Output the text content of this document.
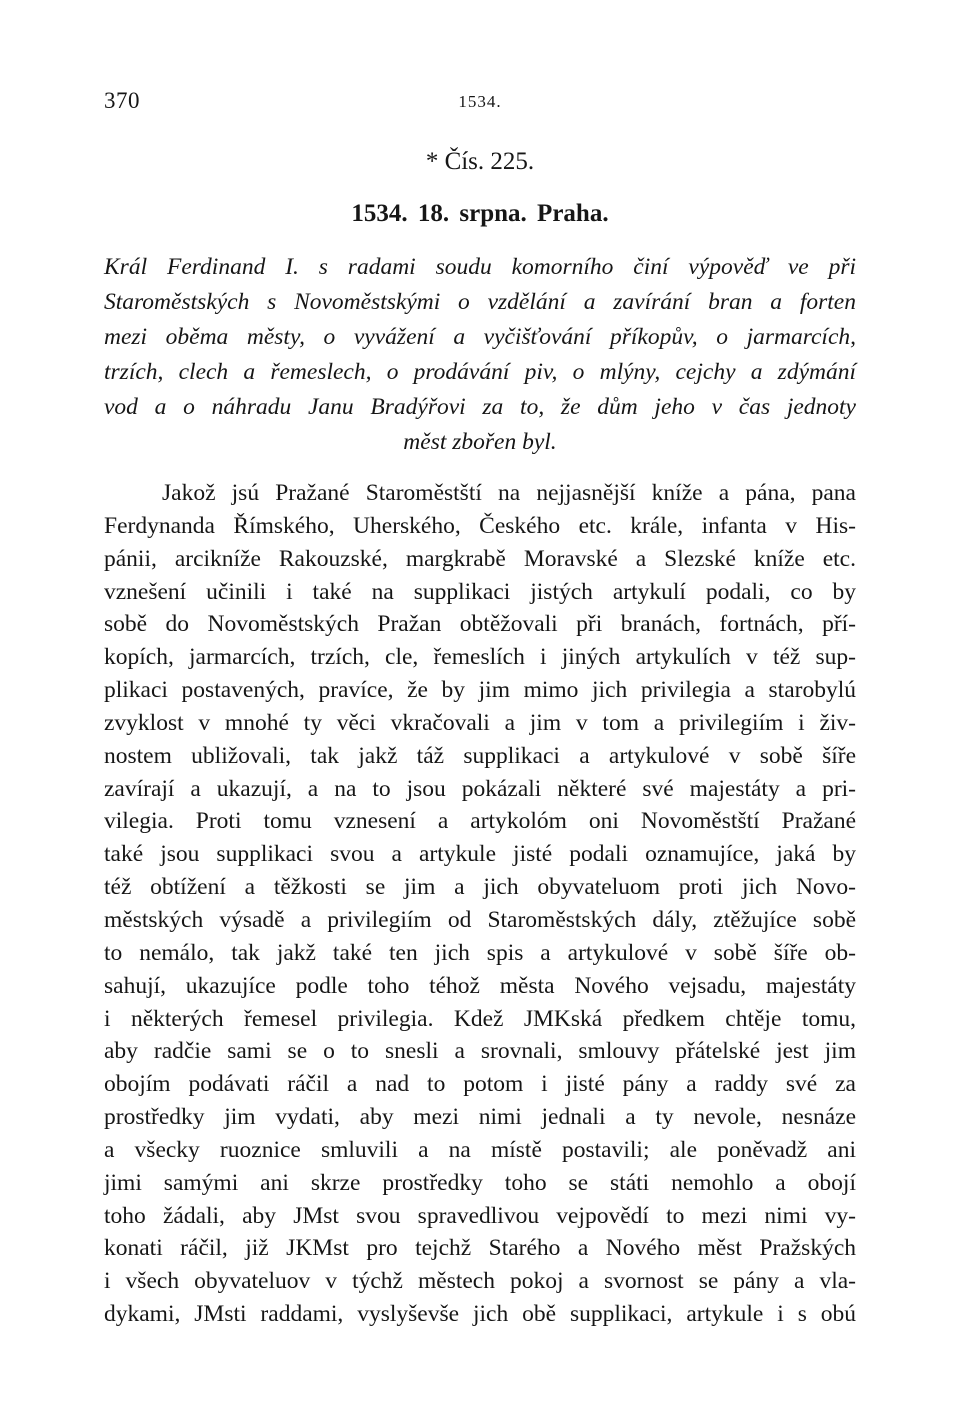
370	1534.
* Čís. 225.
1534. 18. srpna. Praha.
Král Ferdinand I. s radami soudu komorního činí výpověď ve při
Staroměstských s Novoměstskými o vzdělání a zavírání bran a forten
mezi oběma městy, o vyvážení a vyčišťování příkopův, o jarmarcích,
trzích, clech a řemeslech, o prodávání piv, o mlýny, cejchy a zdýmání
vod a o náhradu Janu Bradýřovi za to, že dům jeho v čas jednoty
měst zbořen byl.
Jakož jsú Pražané Staroměstští na nejjasnější kníže a pána, pana
Ferdynanda Římského, Uherského, Českého etc. krále, infanta v His-
pánii, arcikníže Rakouzské, margkrabě Moravské a Slezské kníže etc.
vznešení učinili i také na supplikaci jistých artykulí podali, co by
sobě do Novoměstských Pražan obtěžovali při branách, fortnách, pří-
kopích, jarmarcích, trzích, cle, řemeslích i jiných artykulích v též sup-
plikaci postavených, pravíce, že by jim mimo jich privilegia a starobylú
zvyklost v mnohé ty věci vkračovali a jim v tom a privilegiím i živ-
nostem ubližovali, tak jakž táž supplikaci a artykulové v sobě šíře
zavírají a ukazují, a na to jsou pokázali některé své majestáty a pri-
vilegia. Proti tomu vznesení a artykolóm oni Novoměstští Pražané
také jsou supplikaci svou a artykule jisté podali oznamujíce, jaká by
též obtížení a těžkosti se jim a jich obyvateluom proti jich Novo-
městských výsadě a privilegiím od Staroměstských dály, ztěžujíce sobě
to nemálo, tak jakž také ten jich spis a artykulové v sobě šíře ob-
sahují, ukazujíce podle toho téhož města Nového vejsadu, majestáty
i některých řemesel privilegia. Kdež JMKská předkem chtěje tomu,
aby radčie sami se o to snesli a srovnali, smlouvy přátelské jest jim
obojím podávati ráčil a nad to potom i jisté pány a raddy své za
prostředky jim vydati, aby mezi nimi jednali a ty nevole, nesnáze
a všecky ruoznice smluvili a na místě postavili; ale poněvadž ani
jimi samými ani skrze prostředky toho se státi nemohlo a obojí
toho žádali, aby JMst svou spravedlivou vejpovědí to mezi nimi vy-
konati ráčil, již JKMst pro tejchž Starého a Nového měst Pražských
i všech obyvateluov v týchž městech pokoj a svornost se pány a vla-
dykami, JMsti raddami, vyslyševše jich obě supplikaci, artykule i s obú
